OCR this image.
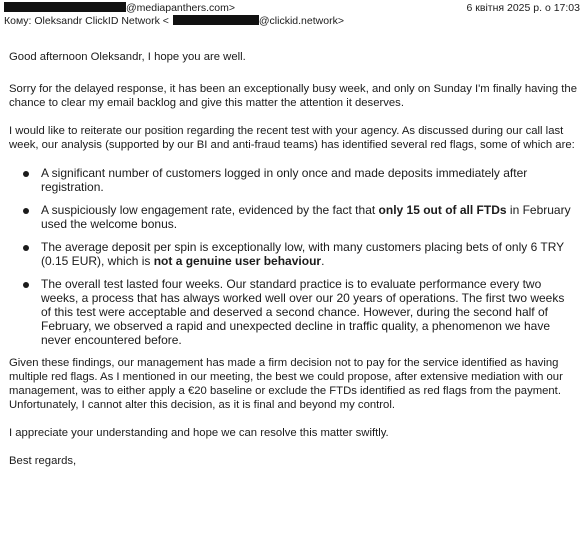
@mediapanthers.com>
Кому: Oleksandr ClickID Network <	@clickid.network>
6 квітня 2025 р. о 17:03

Good afternoon Oleksandr, I hope you are well.

Sorry for the delayed response, it has been an exceptionally busy week, and only on Sunday I'm finally having the chance to clear my email backlog and give this matter the attention it deserves.

I would like to reiterate our position regarding the recent test with your agency. As discussed during our call last week, our analysis (supported by our BI and anti-fraud teams) has identified several red flags, some of which are:

A significant number of customers logged in only once and made deposits immediately after registration.
A suspiciously low engagement rate, evidenced by the fact that only 15 out of all FTDs in February used the welcome bonus.
The average deposit per spin is exceptionally low, with many customers placing bets of only 6 TRY (0.15 EUR), which is not a genuine user behaviour.
The overall test lasted four weeks. Our standard practice is to evaluate performance every two weeks, a process that has always worked well over our 20 years of operations. The first two weeks of this test were acceptable and deserved a second chance. However, during the second half of February, we observed a rapid and unexpected decline in traffic quality, a phenomenon we have never encountered before.

Given these findings, our management has made a firm decision not to pay for the service identified as having multiple red flags. As I mentioned in our meeting, the best we could propose, after extensive mediation with our management, was to either apply a €20 baseline or exclude the FTDs identified as red flags from the payment. Unfortunately, I cannot alter this decision, as it is final and beyond my control.

I appreciate your understanding and hope we can resolve this matter swiftly.

Best regards,
